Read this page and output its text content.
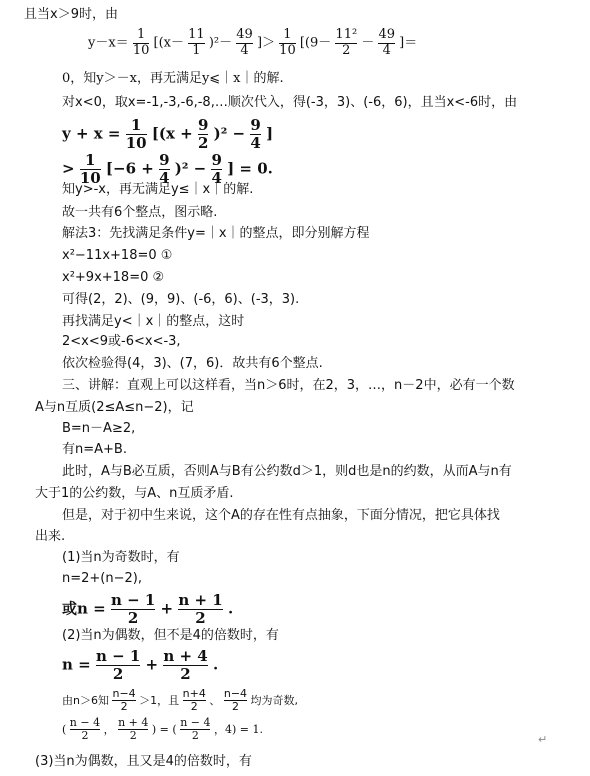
且当x＞9时，由
$y-x= \frac{1}{10} [(x- \frac{11}{1} )^2- \frac{49}{4}$ ]＞ $\frac{1}{10} [(9- \frac{\text{11²}}{2} - \frac{49}{4}$ ]＝
0，知y＞－x，再无满足y⩽｜x｜的解.
对x<0，取x=-1,-3,-6,-8,…顺次代入，得(-3，3)、(-6，6)，且当x<-6时，由
$y + x = \frac{1}{10} [(x + \frac{9}{2} )^2 - \frac{9}{4}$ ]
> $\frac{1}{10} [-6 + \frac{9}{4} )^2 - \frac{9}{4}$ ] = 0.
知y>-x，再无满足y≤｜x｜的解.
故一共有6个整点，图示略.
解法3：先找满足条件y=｜x｜的整点，即分别解方程
x²−11x+18=0 ①
x²+9x+18=0 ②
可得(2，2)、(9，9)、(-6，6)、(-3，3).
再找满足y<｜x｜的整点，这时
2<x<9或-6<x<-3,
依次检验得(4，3)、(7，6)．故共有6个整点.
三、讲解：直观上可以这样看，当n＞6时，在2，3，…，n－2中，必有一个数
A与n互质(2≤A≤n−2)，记
B=n－A≥2,
有n=A+B.
此时，A与B必互质，否则A与B有公约数d＞1，则d也是n的约数，从而A与n有
大于1的公约数，与A、n互质矛盾.
但是，对于初中生来说，这个A的存在性有点抽象，下面分情况，把它具体找
出来.
(1)当n为奇数时，有
n=2+(n−2),
或$n = \frac{n - 1}{2} + \frac{n + 1}{2}$ .
(2)当n为偶数，但不是4的倍数时，有
$n = \frac{n - 1}{2} + \frac{n + 4}{2}$ .
由n＞6知 $\frac{n-4}{2} >1$，且 $\frac{n+4}{2}$ 、 $\frac{n-4}{2}$ 均为奇数,
( $\frac{n - 4}{2}$ ， $\frac{n + 4}{2}$ ) = ( $\frac{n - 4}{2}$ ，4) = 1.
↵
(3)当n为偶数，且又是4的倍数时，有
